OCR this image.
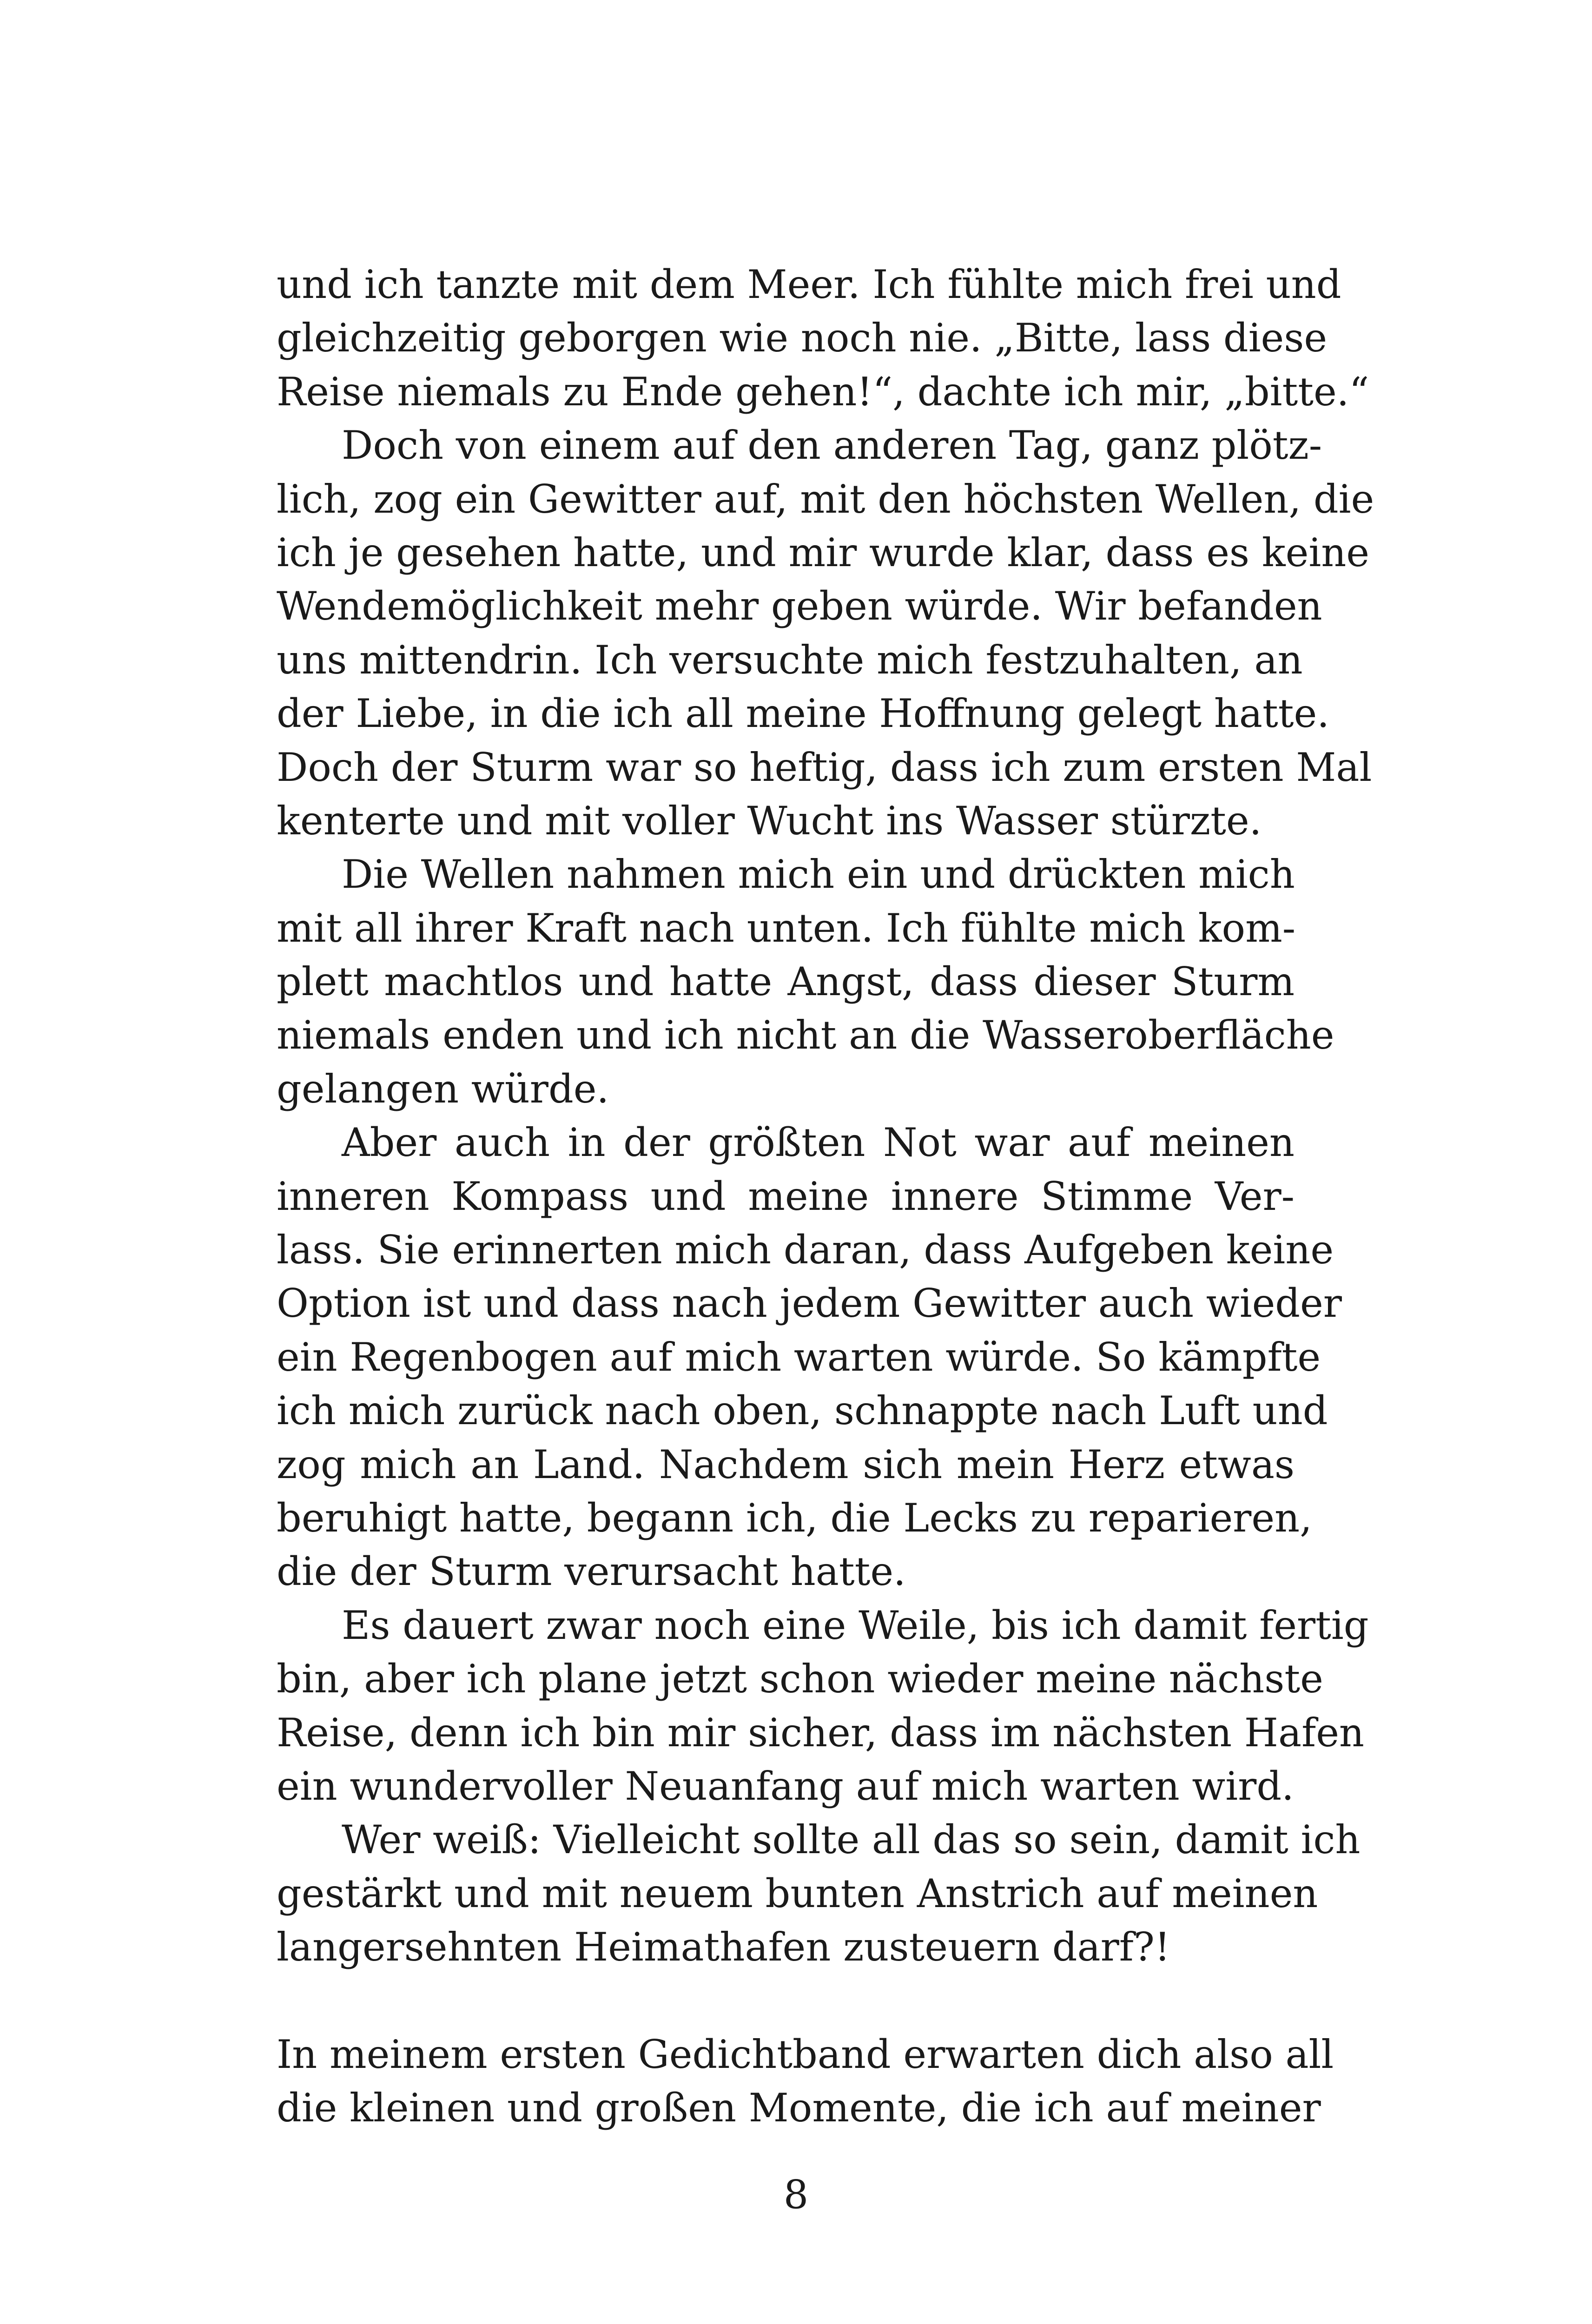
und ich tanzte mit dem Meer. Ich fühlte mich frei und
gleichzeitig geborgen wie noch nie. „Bitte, lass diese
Reise niemals zu Ende gehen!“, dachte ich mir, „bitte.“
Doch von einem auf den anderen Tag, ganz plötz-
lich, zog ein Gewitter auf, mit den höchsten Wellen, die
ich je gesehen hatte, und mir wurde klar, dass es keine
Wendemöglichkeit mehr geben würde. Wir befanden
uns mittendrin. Ich versuchte mich festzuhalten, an
der Liebe, in die ich all meine Hoffnung gelegt hatte.
Doch der Sturm war so heftig, dass ich zum ersten Mal
kenterte und mit voller Wucht ins Wasser stürzte.
Die Wellen nahmen mich ein und drückten mich
mit all ihrer Kraft nach unten. Ich fühlte mich kom-
plett machtlos und hatte Angst, dass dieser Sturm
niemals enden und ich nicht an die Wasseroberfläche
gelangen würde.
Aber auch in der größten Not war auf meinen
inneren Kompass und meine innere Stimme Ver-
lass. Sie erinnerten mich daran, dass Aufgeben keine
Option ist und dass nach jedem Gewitter auch wieder
ein Regenbogen auf mich warten würde. So kämpfte
ich mich zurück nach oben, schnappte nach Luft und
zog mich an Land. Nachdem sich mein Herz etwas
beruhigt hatte, begann ich, die Lecks zu reparieren,
die der Sturm verursacht hatte.
Es dauert zwar noch eine Weile, bis ich damit fertig
bin, aber ich plane jetzt schon wieder meine nächste
Reise, denn ich bin mir sicher, dass im nächsten Hafen
ein wundervoller Neuanfang auf mich warten wird.
Wer weiß: Vielleicht sollte all das so sein, damit ich
gestärkt und mit neuem bunten Anstrich auf meinen
langersehnten Heimathafen zusteuern darf?!
In meinem ersten Gedichtband erwarten dich also all
die kleinen und großen Momente, die ich auf meiner
8
